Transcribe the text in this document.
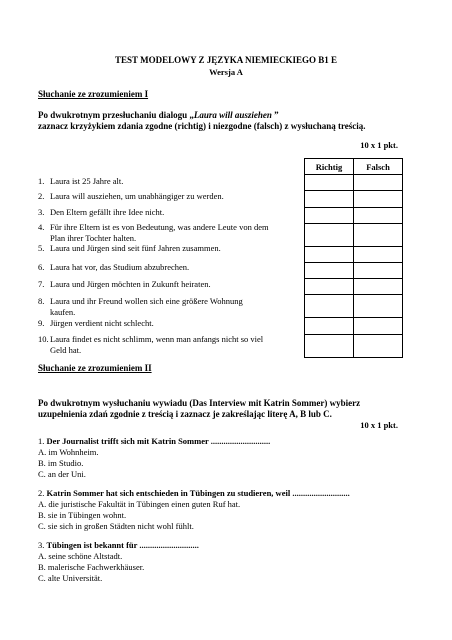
TEST MODELOWY Z JĘZYKA NIEMIECKIEGO B1 E
Wersja A
Słuchanie ze zrozumieniem I
Po dwukrotnym przesłuchaniu dialogu „Laura will ausziehen ”
zaznacz krzyżykiem zdania zgodne (richtig) i niezgodne (falsch) z wysłuchaną treścią.
10 x 1 pkt.
Richtig	Falsch

1. Laura ist 25 Jahre alt.
2. Laura will ausziehen, um unabhängiger zu werden.
3. Den Eltern gefällt ihre Idee nicht.
4. Für ihre Eltern ist es von Bedeutung, was andere Leute von dem
Plan ihrer Tochter halten.
5. Laura und Jürgen sind seit fünf Jahren zusammen.
6. Laura hat vor, das Studium abzubrechen.
7. Laura und Jürgen möchten in Zukunft heiraten.
8. Laura und ihr Freund wollen sich eine größere Wohnung
kaufen.
9. Jürgen verdient nicht schlecht.
10.Laura findet es nicht schlimm, wenn man anfangs nicht so viel
Geld hat.
Słuchanie ze zrozumieniem II
Po dwukrotnym wysłuchaniu wywiadu (Das Interview mit Katrin Sommer) wybierz
uzupełnienia zdań zgodnie z treścią i zaznacz je zakreślając literę A, B lub C.
10 x 1 pkt.
1. Der Journalist trifft sich mit Katrin Sommer ............................
A. im Wohnheim.
B. im Studio.
C. an der Uni.
2. Katrin Sommer hat sich entschieden in Tübingen zu studieren, weil ...........................
A. die juristische Fakultät in Tübingen einen guten Ruf hat.
B. sie in Tübingen wohnt.
C. sie sich in großen Städten nicht wohl fühlt.
3. Tübingen ist bekannt für ............................
A. seine schöne Altstadt.
B. malerische Fachwerkhäuser.
C. alte Universität.
